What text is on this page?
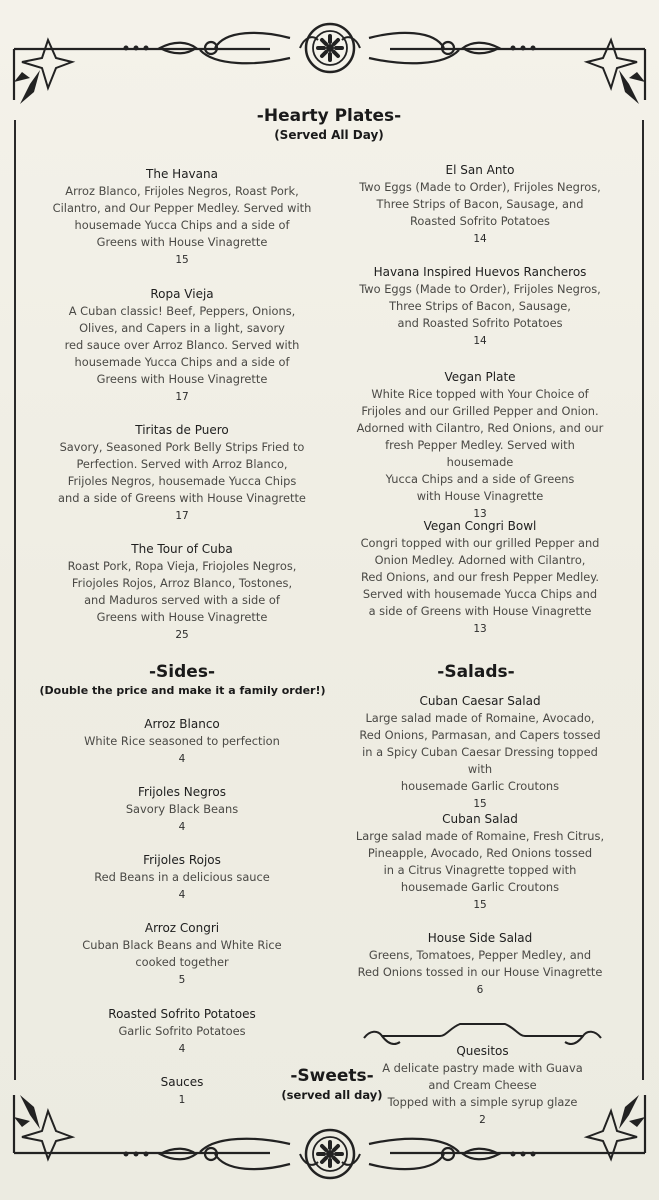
-Hearty Plates-
(Served All Day)
The Havana
Arroz Blanco, Frijoles Negros, Roast Pork,
Cilantro, and Our Pepper Medley. Served with
housemade Yucca Chips and a side of
Greens with House Vinagrette
15
Ropa Vieja
A Cuban classic! Beef, Peppers, Onions,
Olives, and Capers in a light, savory
red sauce over Arroz Blanco. Served with
housemade Yucca Chips and a side of
Greens with House Vinagrette
17
Tiritas de Puero
Savory, Seasoned Pork Belly Strips Fried to
Perfection. Served with Arroz Blanco,
Frijoles Negros, housemade Yucca Chips
and a side of Greens with House Vinagrette
17
The Tour of Cuba
Roast Pork, Ropa Vieja, Friojoles Negros,
Friojoles Rojos, Arroz Blanco, Tostones,
and Maduros served with a side of
Greens with House Vinagrette
25
El San Anto
Two Eggs (Made to Order), Frijoles Negros,
Three Strips of Bacon, Sausage, and
Roasted Sofrito Potatoes
14
Havana Inspired Huevos Rancheros
Two Eggs (Made to Order), Frijoles Negros,
Three Strips of Bacon, Sausage,
and Roasted Sofrito Potatoes
14
Vegan Plate
White Rice topped with Your Choice of
Frijoles and our Grilled Pepper and Onion.
Adorned with Cilantro, Red Onions, and our
fresh Pepper Medley. Served with housemade
Yucca Chips and a side of Greens
with House Vinagrette
13
Vegan Congri Bowl
Congri topped with our grilled Pepper and
Onion Medley. Adorned with Cilantro,
Red Onions, and our fresh Pepper Medley.
Served with housemade Yucca Chips and
a side of Greens with House Vinagrette
13
-Sides-
(Double the price and make it a family order!)
Arroz Blanco
White Rice seasoned to perfection
4
Frijoles Negros
Savory Black Beans
4
Frijoles Rojos
Red Beans in a delicious sauce
4
Arroz Congri
Cuban Black Beans and White Rice
cooked together
5
Roasted Sofrito Potatoes
Garlic Sofrito Potatoes
4
Sauces
1
-Salads-
Cuban Caesar Salad
Large salad made of Romaine, Avocado,
Red Onions, Parmasan, and Capers tossed
in a Spicy Cuban Caesar Dressing topped with
housemade Garlic Croutons
15
Cuban Salad
Large salad made of Romaine, Fresh Citrus,
Pineapple, Avocado, Red Onions tossed
in a Citrus Vinagrette topped with
housemade Garlic Croutons
15
House Side Salad
Greens, Tomatoes, Pepper Medley, and
Red Onions tossed in our House Vinagrette
6
-Sweets-
(served all day)
Quesitos
A delicate pastry made with Guava
and Cream Cheese
Topped with a simple syrup glaze
2
